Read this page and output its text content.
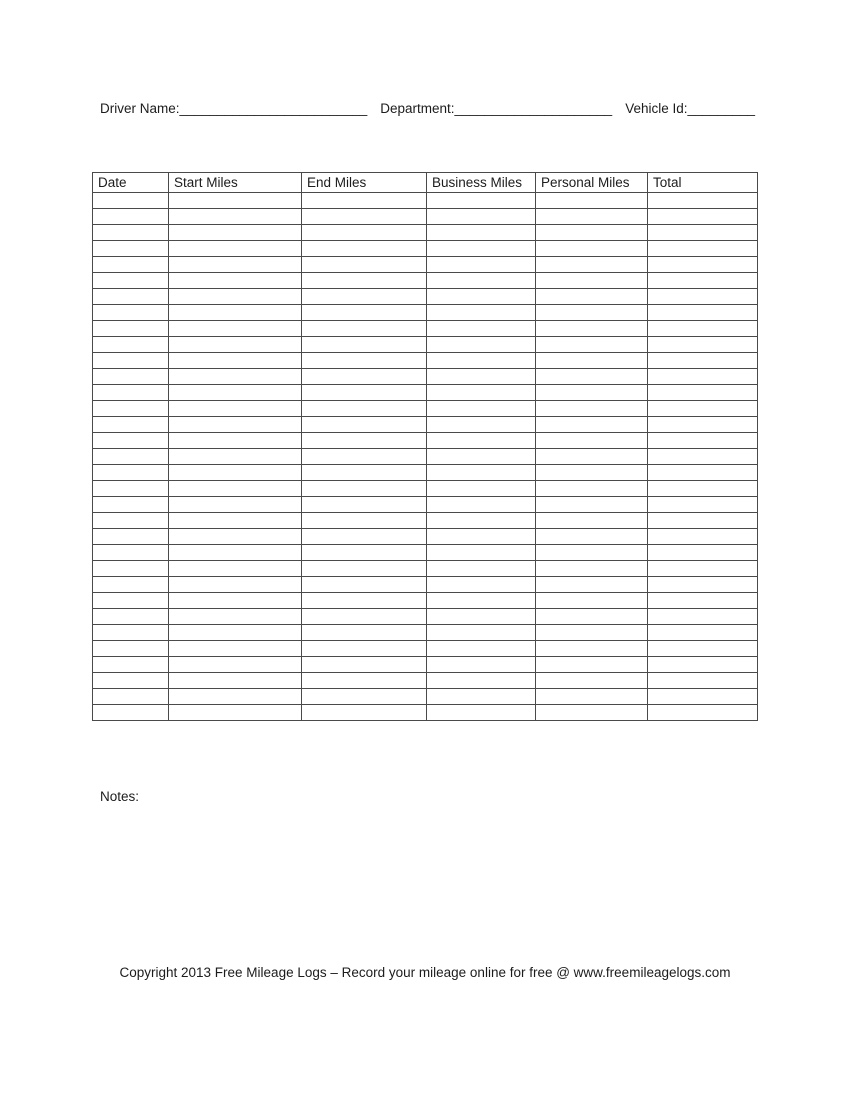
Driver Name:_________________________ Department:_____________________ Vehicle Id:_________
Date	Start Miles	End Miles	Business Miles	Personal Miles	Total

Notes:
Copyright 2013 Free Mileage Logs – Record your mileage online for free @ www.freemileagelogs.com
